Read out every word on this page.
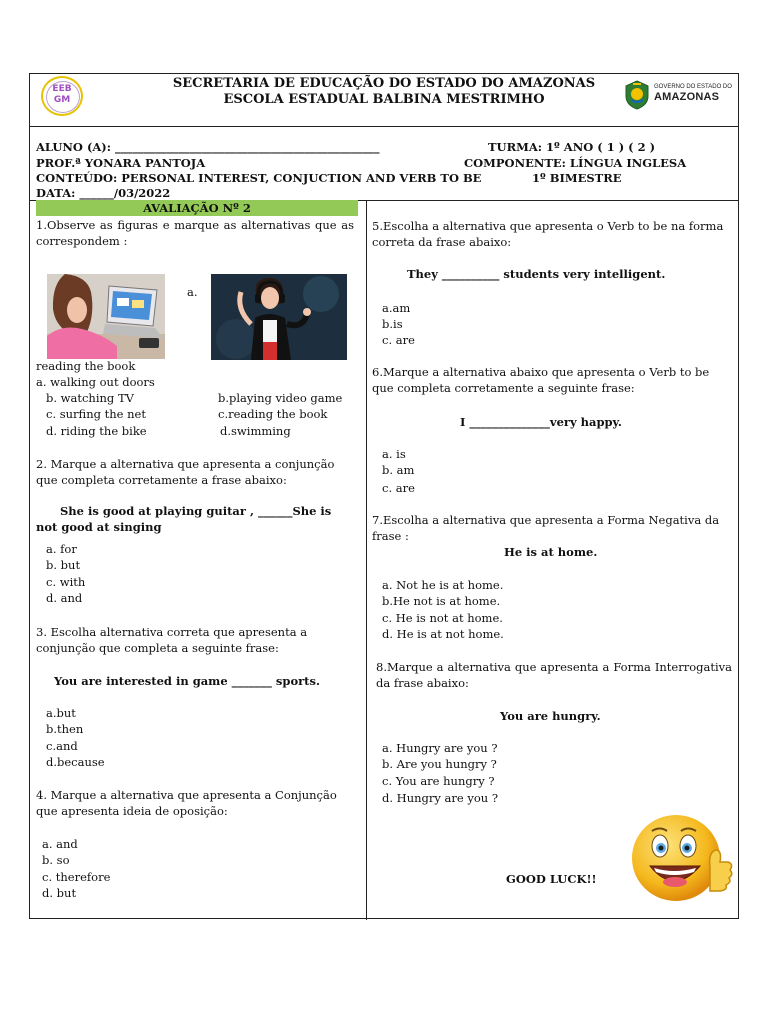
EEBGM
SECRETARIA DE EDUCAÇÃO DO ESTADO DO AMAZONAS
ESCOLA ESTADUAL BALBINA MESTRIMHO
GOVERNO DO ESTADO DO
AMAZONAS
ALUNO (A): ______________________________________________	TURMA: 1º ANO ( 1 ) ( 2 )
PROF.ª YONARA PANTOJA	COMPONENTE: LÍNGUA INGLESA
CONTEÚDO: PERSONAL INTEREST, CONJUCTION AND VERB TO BE	1º BIMESTRE
DATA: ______/03/2022
AVALIAÇÃO Nº 2
1.Observe as figuras e marque as alternativas que as correspondem :
a.
reading the book
a. walking out doors
b. watching TV
c. surfing the net
d. riding the bike
b.playing video game
c.reading the book
d.swimming
2. Marque a alternativa que apresenta a conjunção que completa corretamente a frase abaixo:
She is good at playing guitar , ______She is not good at singing
a. for
b. but
c. with
d. and
3. Escolha alternativa correta que apresenta a conjunção que completa a seguinte frase:
You are interested in game _______ sports.
a.but
b.then
c.and
d.because
4. Marque a alternativa que apresenta a Conjunção que apresenta ideia de oposição:
a. and
b. so
c. therefore
d. but
5.Escolha a alternativa que apresenta o Verb to be na forma correta da frase abaixo:
They __________ students very intelligent.
a.am
b.is
c. are
6.Marque a alternativa abaixo que apresenta o Verb to be que completa corretamente a seguinte frase:
I ______________very happy.
a. is
b. am
c. are
7.Escolha a alternativa que apresenta a Forma Negativa da frase :
He is at home.
a. Not he is at home.
b.He not is at home.
c. He is not at home.
d. He is at not home.
8.Marque a alternativa que apresenta a Forma Interrogativa da frase abaixo:
You are hungry.
a. Hungry are you ?
b. Are you hungry ?
c. You are hungry ?
d. Hungry are you ?
GOOD LUCK!!
